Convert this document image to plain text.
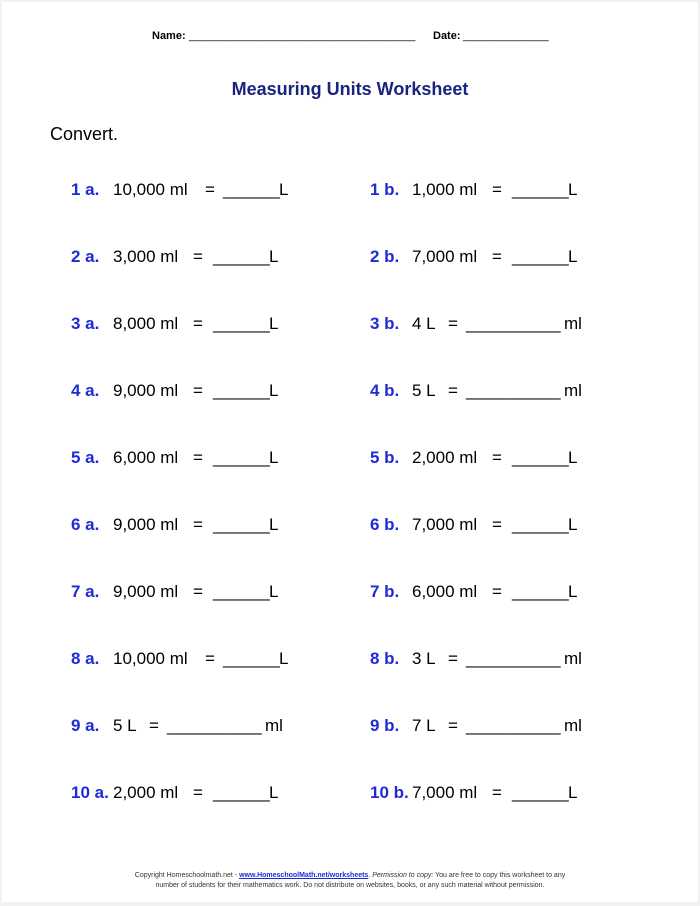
Name: _____________________________________ Date: ______________
Measuring Units Worksheet
Convert.
1 a. 10,000 ml = ______ L	1 b. 1,000 ml = ______ L
2 a. 3,000 ml = ______ L	2 b. 7,000 ml = ______ L
3 a. 8,000 ml = ______ L	3 b. 4 L = __________ ml
4 a. 9,000 ml = ______ L	4 b. 5 L = __________ ml
5 a. 6,000 ml = ______ L	5 b. 2,000 ml = ______ L
6 a. 9,000 ml = ______ L	6 b. 7,000 ml = ______ L
7 a. 9,000 ml = ______ L	7 b. 6,000 ml = ______ L
8 a. 10,000 ml = ______ L	8 b. 3 L = __________ ml
9 a. 5 L = __________ ml	9 b. 7 L = __________ ml
10 a. 2,000 ml = ______ L	10 b. 7,000 ml = ______ L
Copyright Homeschoolmath.net - www.HomeschoolMath.net/worksheets. Permission to copy: You are free to copy this worksheet to any
number of students for their mathematics work. Do not distribute on websites, books, or any such material without permission.
